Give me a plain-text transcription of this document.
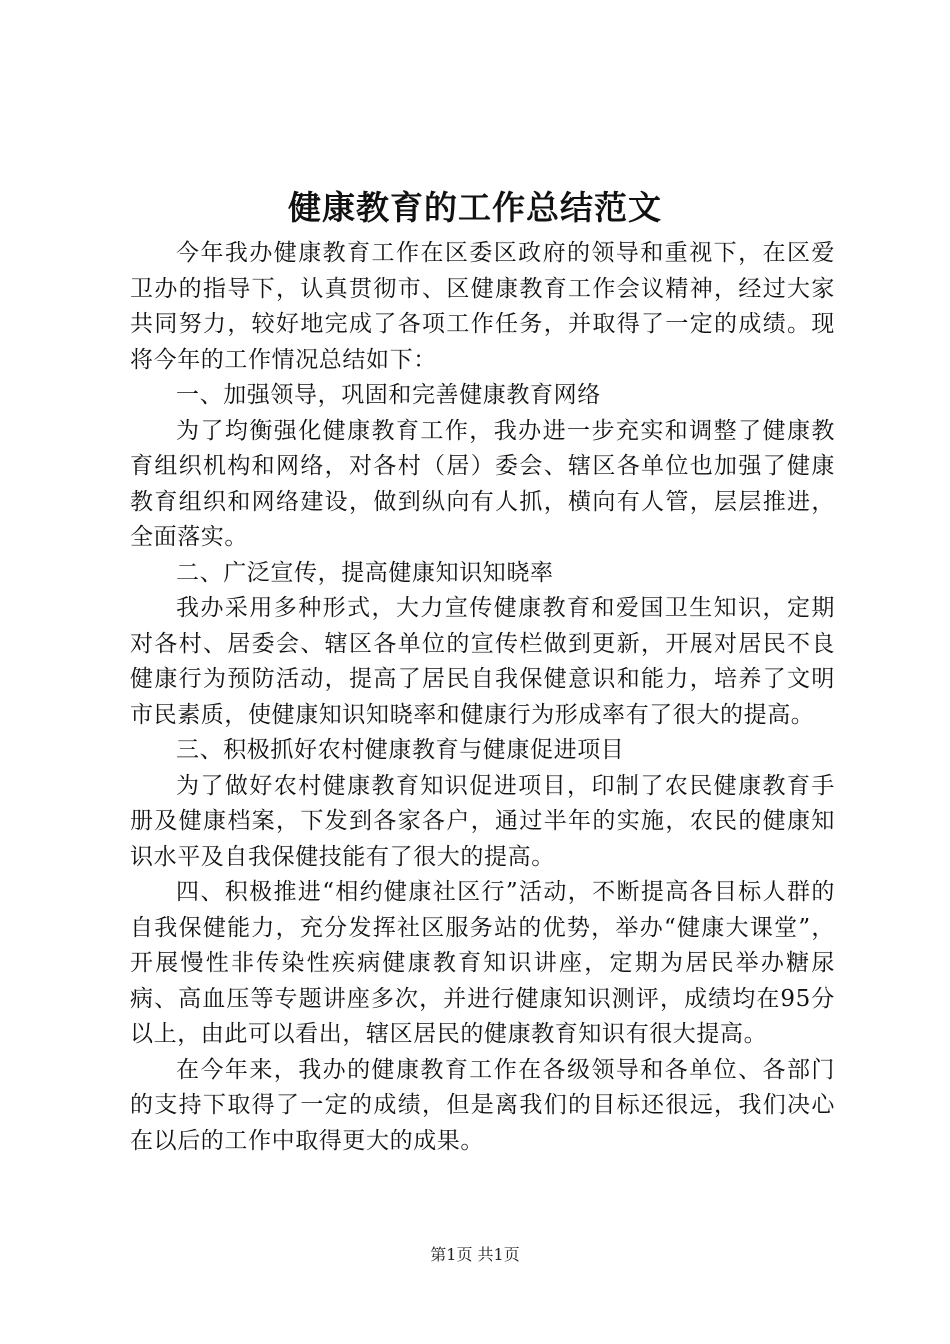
健康教育的工作总结范文

今年我办健康教育工作在区委区政府的领导和重视下，在区爱卫办的指导下，认真贯彻市、区健康教育工作会议精神，经过大家共同努力，较好地完成了各项工作任务，并取得了一定的成绩。现将今年的工作情况总结如下：

一、加强领导，巩固和完善健康教育网络

为了均衡强化健康教育工作，我办进一步充实和调整了健康教育组织机构和网络，对各村（居）委会、辖区各单位也加强了健康教育组织和网络建设，做到纵向有人抓，横向有人管，层层推进，全面落实。

二、广泛宣传，提高健康知识知晓率

我办采用多种形式，大力宣传健康教育和爱国卫生知识，定期对各村、居委会、辖区各单位的宣传栏做到更新，开展对居民不良健康行为预防活动，提高了居民自我保健意识和能力，培养了文明市民素质，使健康知识知晓率和健康行为形成率有了很大的提高。

三、积极抓好农村健康教育与健康促进项目

为了做好农村健康教育知识促进项目，印制了农民健康教育手册及健康档案，下发到各家各户，通过半年的实施，农民的健康知识水平及自我保健技能有了很大的提高。

四、积极推进“相约健康社区行”活动，不断提高各目标人群的自我保健能力，充分发挥社区服务站的优势，举办“健康大课堂”，开展慢性非传染性疾病健康教育知识讲座，定期为居民举办糖尿病、高血压等专题讲座多次，并进行健康知识测评，成绩均在95分以上，由此可以看出，辖区居民的健康教育知识有很大提高。

在今年来，我办的健康教育工作在各级领导和各单位、各部门的支持下取得了一定的成绩，但是离我们的目标还很远，我们决心在以后的工作中取得更大的成果。

第1页 共1页
